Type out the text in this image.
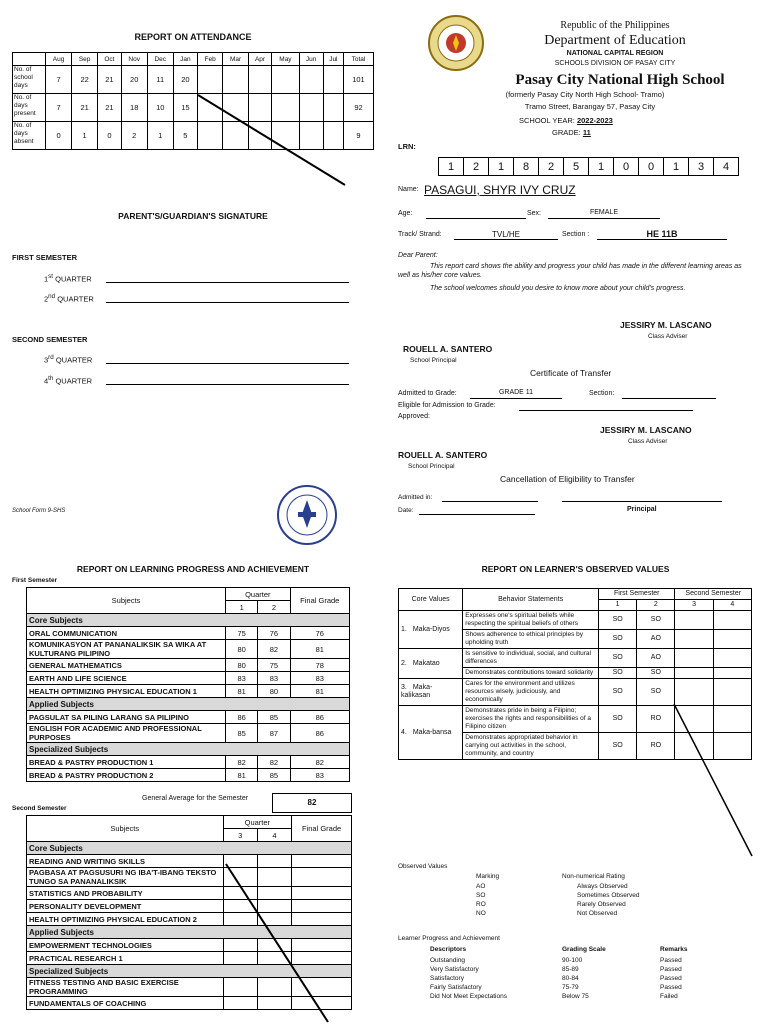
REPORT ON ATTENDANCE
	Aug	Sep	Oct	Nov	Dec	Jan	Feb	Mar	Apr	May	Jun	Jul	Total
No. of school days	7	22	21	20	11	20							101
No. of days present	7	21	21	18	10	15							92
No. of days absent	0	1	0	2	1	5							9
PARENT'S/GUARDIAN'S SIGNATURE
FIRST SEMESTER
1st QUARTER
2nd QUARTER
SECOND SEMESTER
3rd QUARTER
4th QUARTER
School Form 9-SHS
Republic of the Philippines
Department of Education
NATIONAL CAPITAL REGION
SCHOOLS DIVISION OF PASAY CITY
Pasay City National High School
(formerly Pasay City North High School- Tramo)
Tramo Street, Barangay 57, Pasay City
SCHOOL YEAR: 2022-2023
GRADE: 11
LRN:
1	2	1	8	2	5	1	0	0	1	3	4
Name: PASAGUI, SHYR IVY CRUZ
Age:	Sex:	FEMALE
Track/ Strand:	TVL/HE	Section :	HE 11B
Dear Parent:
This report card shows the ability and progress your child has made in the different learning areas as well as his/her core values.
The school welcomes should you desire to know more about your child's progress.
JESSIRY M. LASCANO
Class Adviser
ROUELL A. SANTERO
School Principal
Certificate of Transfer
Admitted to Grade:	GRADE 11	Section:
Eligible for Admission to Grade:
Approved:
JESSIRY M. LASCANO
Class Adviser
ROUELL A. SANTERO
School Principal
Cancellation of Eligibility to Transfer
Admitted in:
Date:	Principal
REPORT ON LEARNING PROGRESS AND ACHIEVEMENT
First Semester
Subjects	Quarter		Final Grade
	1	2	
Core Subjects			
ORAL COMMUNICATION	75	76	76
KOMUNIKASYON AT PANANALIKSIK SA WIKA AT KULTURANG PILIPINO	80	82	81
GENERAL MATHEMATICS	80	75	78
EARTH AND LIFE SCIENCE	83	83	83
HEALTH OPTIMIZING PHYSICAL EDUCATION 1	81	80	81
Applied Subjects			
PAGSULAT SA PILING LARANG SA PILIPINO	86	85	86
ENGLISH FOR ACADEMIC AND PROFESSIONAL PURPOSES	85	87	86
Specialized Subjects			
BREAD & PASTRY PRODUCTION 1	82	82	82
BREAD & PASTRY PRODUCTION 2	81	85	83
General Average for the Semester	82
Second Semester
Subjects	Quarter		Final Grade
	3	4	
Core Subjects			
READING AND WRITING SKILLS			
PAGBASA AT PAGSUSURI NG IBA'T-IBANG TEKSTO TUNGO SA PANANALIKSIK			
STATISTICS AND PROBABILITY			
PERSONALITY DEVELOPMENT			
HEALTH OPTIMIZING PHYSICAL EDUCATION 2			
Applied Subjects			
EMPOWERMENT TECHNOLOGIES			
PRACTICAL RESEARCH 1			
Specialized Subjects			
FITNESS TESTING AND BASIC EXERCISE PROGRAMMING			
FUNDAMENTALS OF COACHING			
REPORT ON LEARNER'S OBSERVED VALUES
Core Values	Behavior Statements	First Semester		Second Semester	
		1	2	3	4
1. Maka-Diyos	Expresses one's spiritual beliefs while respecting the spiritual beliefs of others	SO	SO		
	Shows adherence to ethical principles by upholding truth	SO	AO		
2. Makatao	Is sensitive to individual, social, and cultural differences	SO	AO		
	Demonstrates contributions toward solidarity	SO	SO		
3. Maka-kalikasan	Cares for the environment and utilizes resources wisely, judiciously, and economically	SO	SO		
4. Maka-bansa	Demonstrates pride in being a Filipino; exercises the rights and responsibilities of a Filipino citizen	SO	RO		
	Demonstrates appropriated behavior in carrying out activities in the school, community, and country	SO	RO		
Observed Values
Marking	Non-numerical Rating
AO	Always Observed
SO	Sometimes Observed
RO	Rarely Observed
NO	Not Observed
Learner Progress and Achievement
Descriptors	Grading Scale	Remarks
Outstanding	90-100	Passed
Very Satisfactory	85-89	Passed
Satisfactory	80-84	Passed
Fairly Satisfactory	75-79	Passed
Did Not Meet Expectations	Below 75	Failed
